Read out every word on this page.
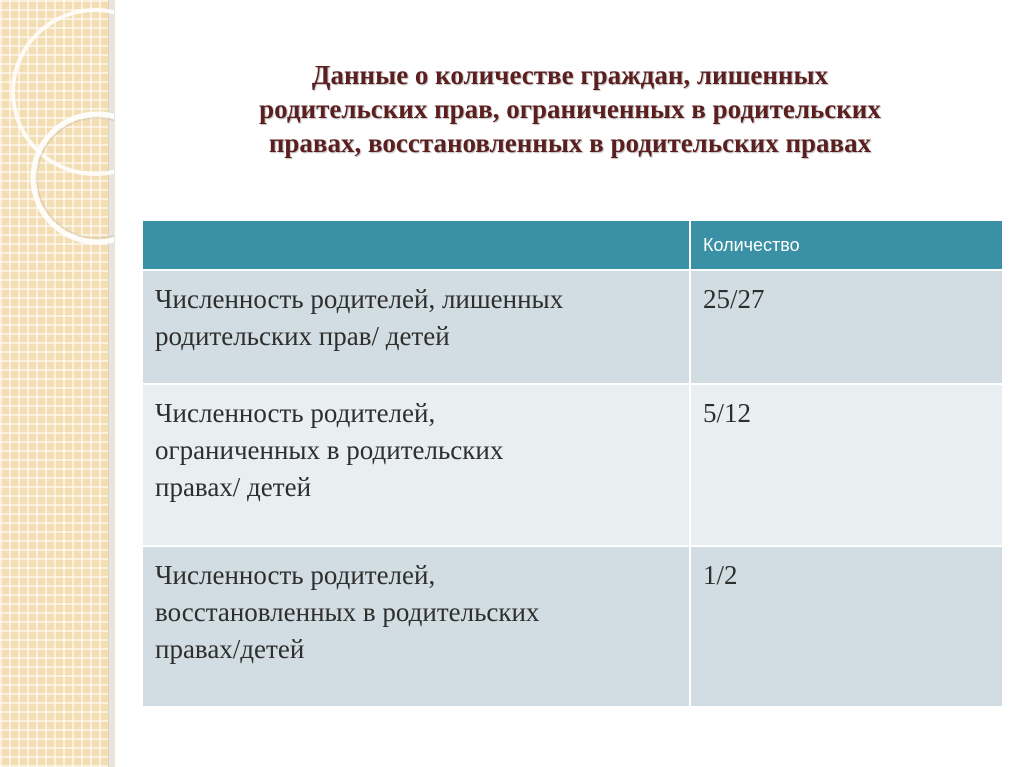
Данные о количестве граждан, лишенных
родительских прав, ограниченных в родительских
правах, восстановленных в родительских правах
	Количество

Численность родителей, лишенных
родительских прав/ детей	25/27

Численность родителей,
ограниченных в родительских
правах/ детей	5/12

Численность родителей,
восстановленных в родительских
правах/детей	1/2
